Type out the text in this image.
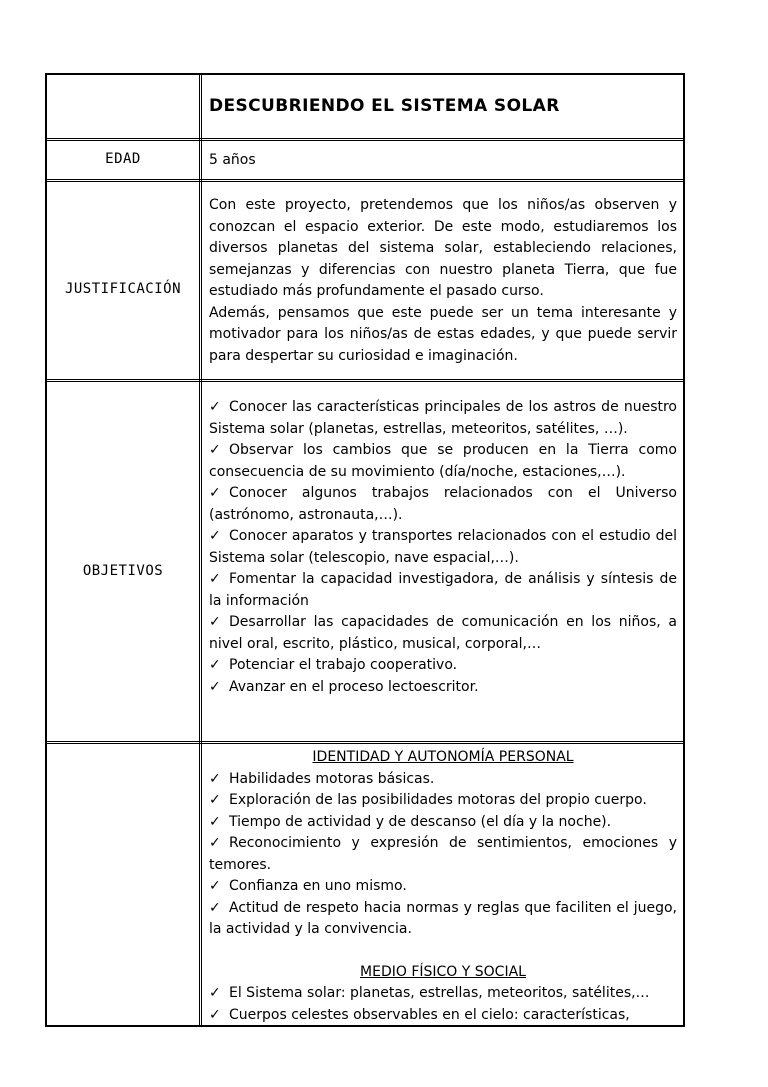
DESCUBRIENDO EL SISTEMA SOLAR
EDAD	5 años
JUSTIFICACIÓN

Con este proyecto, pretendemos que los niños/as observen y conozcan el espacio exterior. De este modo, estudiaremos los diversos planetas del sistema solar, estableciendo relaciones, semejanzas y diferencias con nuestro planeta Tierra, que fue estudiado más profundamente el pasado curso.

Además, pensamos que este puede ser un tema interesante y motivador para los niños/as de estas edades, y que puede servir para despertar su curiosidad e imaginación.

OBJETIVOS

✓ Conocer las características principales de los astros de nuestro Sistema solar (planetas, estrellas, meteoritos, satélites, …).

✓ Observar los cambios que se producen en la Tierra como consecuencia de su movimiento (día/noche, estaciones,…).

✓ Conocer algunos trabajos relacionados con el Universo (astrónomo, astronauta,…).

✓ Conocer aparatos y transportes relacionados con el estudio del Sistema solar (telescopio, nave espacial,…).

✓ Fomentar la capacidad investigadora, de análisis y síntesis de la información

✓ Desarrollar las capacidades de comunicación en los niños, a nivel oral, escrito, plástico, musical, corporal,…

✓ Potenciar el trabajo cooperativo.

✓ Avanzar en el proceso lectoescritor.

IDENTIDAD Y AUTONOMÍA PERSONAL

✓ Habilidades motoras básicas.

✓ Exploración de las posibilidades motoras del propio cuerpo.

✓ Tiempo de actividad y de descanso (el día y la noche).

✓ Reconocimiento y expresión de sentimientos, emociones y temores.

✓ Confianza en uno mismo.

✓ Actitud de respeto hacia normas y reglas que faciliten el juego, la actividad y la convivencia.

MEDIO FÍSICO Y SOCIAL

✓ El Sistema solar: planetas, estrellas, meteoritos, satélites,…

✓ Cuerpos celestes observables en el cielo: características,
